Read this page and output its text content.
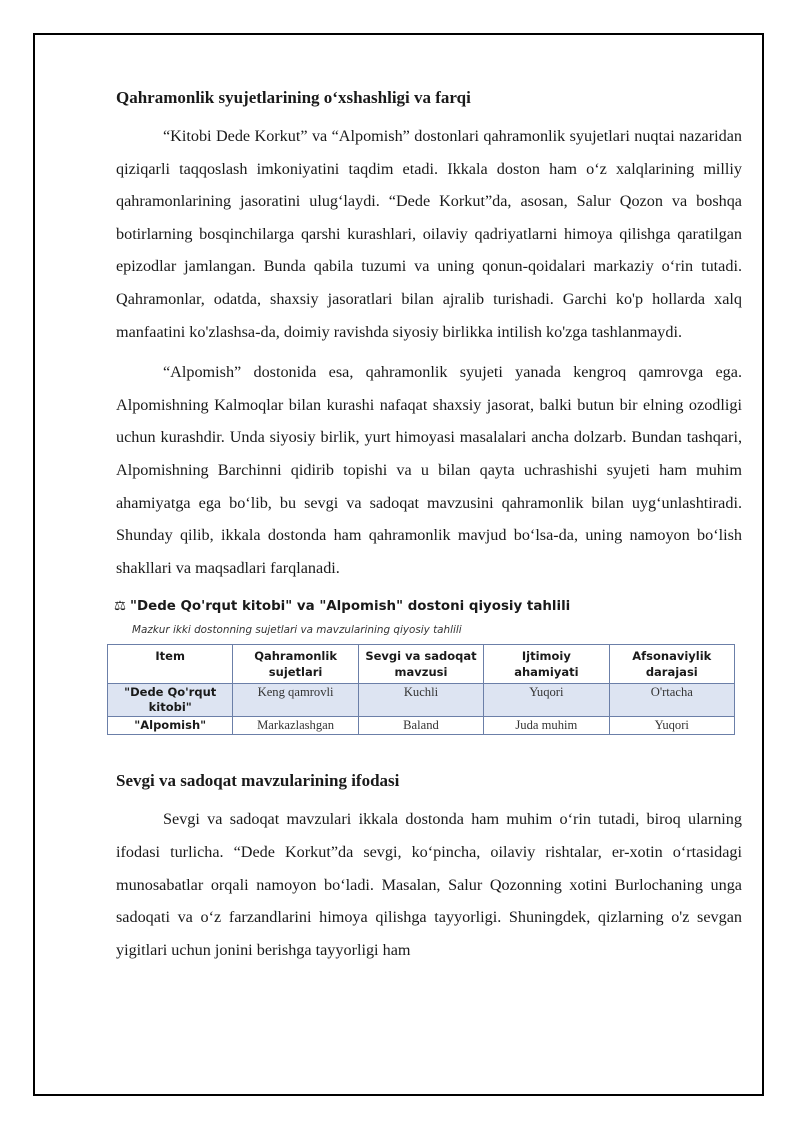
Qahramonlik syujetlarining oʻxshashligi va farqi

“Kitobi Dede Korkut” va “Alpomish” dostonlari qahramonlik syujetlari nuqtai nazaridan qiziqarli taqqoslash imkoniyatini taqdim etadi. Ikkala doston ham oʻz xalqlarining milliy qahramonlarining jasoratini ulugʻlaydi. “Dede Korkut”da, asosan, Salur Qozon va boshqa botirlarning bosqinchilarga qarshi kurashlari, oilaviy qadriyatlarni himoya qilishga qaratilgan epizodlar jamlangan. Bunda qabila tuzumi va uning qonun-qoidalari markaziy oʻrin tutadi. Qahramonlar, odatda, shaxsiy jasoratlari bilan ajralib turishadi. Garchi ko'p hollarda xalq manfaatini ko'zlashsa-da, doimiy ravishda siyosiy birlikka intilish ko'zga tashlanmaydi.

“Alpomish” dostonida esa, qahramonlik syujeti yanada kengroq qamrovga ega. Alpomishning Kalmoqlar bilan kurashi nafaqat shaxsiy jasorat, balki butun bir elning ozodligi uchun kurashdir. Unda siyosiy birlik, yurt himoyasi masalalari ancha dolzarb. Bundan tashqari, Alpomishning Barchinni qidirib topishi va u bilan qayta uchrashishi syujeti ham muhim ahamiyatga ega boʻlib, bu sevgi va sadoqat mavzusini qahramonlik bilan uygʻunlashtiradi. Shunday qilib, ikkala dostonda ham qahramonlik mavjud boʻlsa-da, uning namoyon boʻlish shakllari va maqsadlari farqlanadi.

⚖ "Dede Qo'rqut kitobi" va "Alpomish" dostoni qiyosiy tahlili
Mazkur ikki dostonning sujetlari va mavzularining qiyosiy tahlili
Item	Qahramonlik sujetlari	Sevgi va sadoqat mavzusi	Ijtimoiy ahamiyati	Afsonaviylik darajasi
"Dede Qo'rqut kitobi"	Keng qamrovli	Kuchli	Yuqori	O'rtacha
"Alpomish"	Markazlashgan	Baland	Juda muhim	Yuqori
Sevgi va sadoqat mavzularining ifodasi

Sevgi va sadoqat mavzulari ikkala dostonda ham muhim oʻrin tutadi, biroq ularning ifodasi turlicha. “Dede Korkut”da sevgi, koʻpincha, oilaviy rishtalar, er-xotin oʻrtasidagi munosabatlar orqali namoyon boʻladi. Masalan, Salur Qozonning xotini Burlochaning unga sadoqati va oʻz farzandlarini himoya qilishga tayyorligi. Shuningdek, qizlarning o'z sevgan yigitlari uchun jonini berishga tayyorligi ham
